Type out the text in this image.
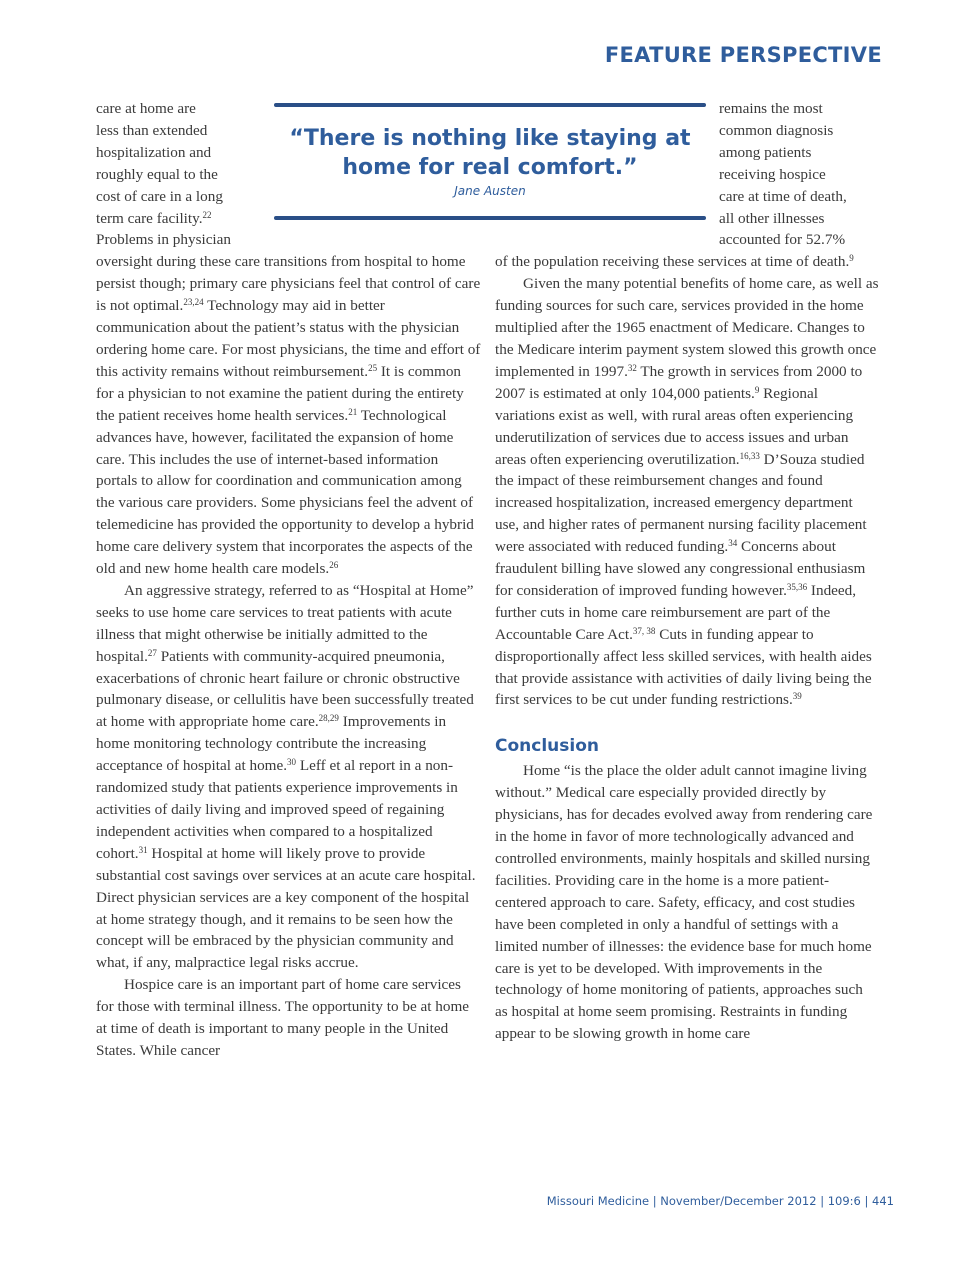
FEATURE PERSPECTIVE
“There is nothing like staying at home for real comfort.”
Jane Austen
care at home are
less than extended
hospitalization and
roughly equal to the
cost of care in a long
term care facility.$^{22}$
Problems in physician

oversight during these care transitions from hospital to home persist though; primary care physicians feel that control of care is not optimal.$^{23,24}$ Technology may aid in better communication about the patient’s status with the physician ordering home care. For most physicians, the time and effort of this activity remains without reimbursement.$^{25}$ It is common for a physician to not examine the patient during the entirety the patient receives home health services.$^{21}$ Technological advances have, however, facilitated the expansion of home care. This includes the use of internet-based information portals to allow for coordination and communication among the various care providers. Some physicians feel the advent of telemedicine has provided the opportunity to develop a hybrid home care delivery system that incorporates the aspects of the old and new home health care models.$^{26}$

An aggressive strategy, referred to as “Hospital at Home” seeks to use home care services to treat patients with acute illness that might otherwise be initially admitted to the hospital.$^{27}$ Patients with community-acquired pneumonia, exacerbations of chronic heart failure or chronic obstructive pulmonary disease, or cellulitis have been successfully treated at home with appropriate home care.$^{28,29}$ Improvements in home monitoring technology contribute the increasing acceptance of hospital at home.$^{30}$ Leff et al report in a non-randomized study that patients experience improvements in activities of daily living and improved speed of regaining independent activities when compared to a hospitalized cohort.$^{31}$ Hospital at home will likely prove to provide substantial cost savings over services at an acute care hospital. Direct physician services are a key component of the hospital at home strategy though, and it remains to be seen how the concept will be embraced by the physician community and what, if any, malpractice legal risks accrue.

Hospice care is an important part of home care services for those with terminal illness. The opportunity to be at home at time of death is important to many people in the United States. While cancer

remains the most
common diagnosis
among patients
receiving hospice
care at time of death,
all other illnesses
accounted for 52.7%

of the population receiving these services at time of death.$^9$

Given the many potential benefits of home care, as well as funding sources for such care, services provided in the home multiplied after the 1965 enactment of Medicare. Changes to the Medicare interim payment system slowed this growth once implemented in 1997.32 The growth in services from 2000 to 2007 is estimated at only 104,000 patients.$^9$ Regional variations exist as well, with rural areas often experiencing underutilization of services due to access issues and urban areas often experiencing overutilization.$^{16,33}$ D’Souza studied the impact of these reimbursement changes and found increased hospitalization, increased emergency department use, and higher rates of permanent nursing facility placement were associated with reduced funding.$^{34}$ Concerns about fraudulent billing have slowed any congressional enthusiasm for consideration of improved funding however.$^{35,36}$ Indeed, further cuts in home care reimbursement are part of the Accountable Care Act.$^{37, 38}$ Cuts in funding appear to disproportionally affect less skilled services, with health aides that provide assistance with activities of daily living being the first services to be cut under funding restrictions.$^{39}$

Conclusion

Home “is the place the older adult cannot imagine living without.” Medical care especially provided directly by physicians, has for decades evolved away from rendering care in the home in favor of more technologically advanced and controlled environments, mainly hospitals and skilled nursing facilities. Providing care in the home is a more patient-centered approach to care. Safety, efficacy, and cost studies have been completed in only a handful of settings with a limited number of illnesses: the evidence base for much home care is yet to be developed. With improvements in the technology of home monitoring of patients, approaches such as hospital at home seem promising. Restraints in funding appear to be slowing growth in home care

Missouri Medicine | November/December 2012 | 109:6 | 441
